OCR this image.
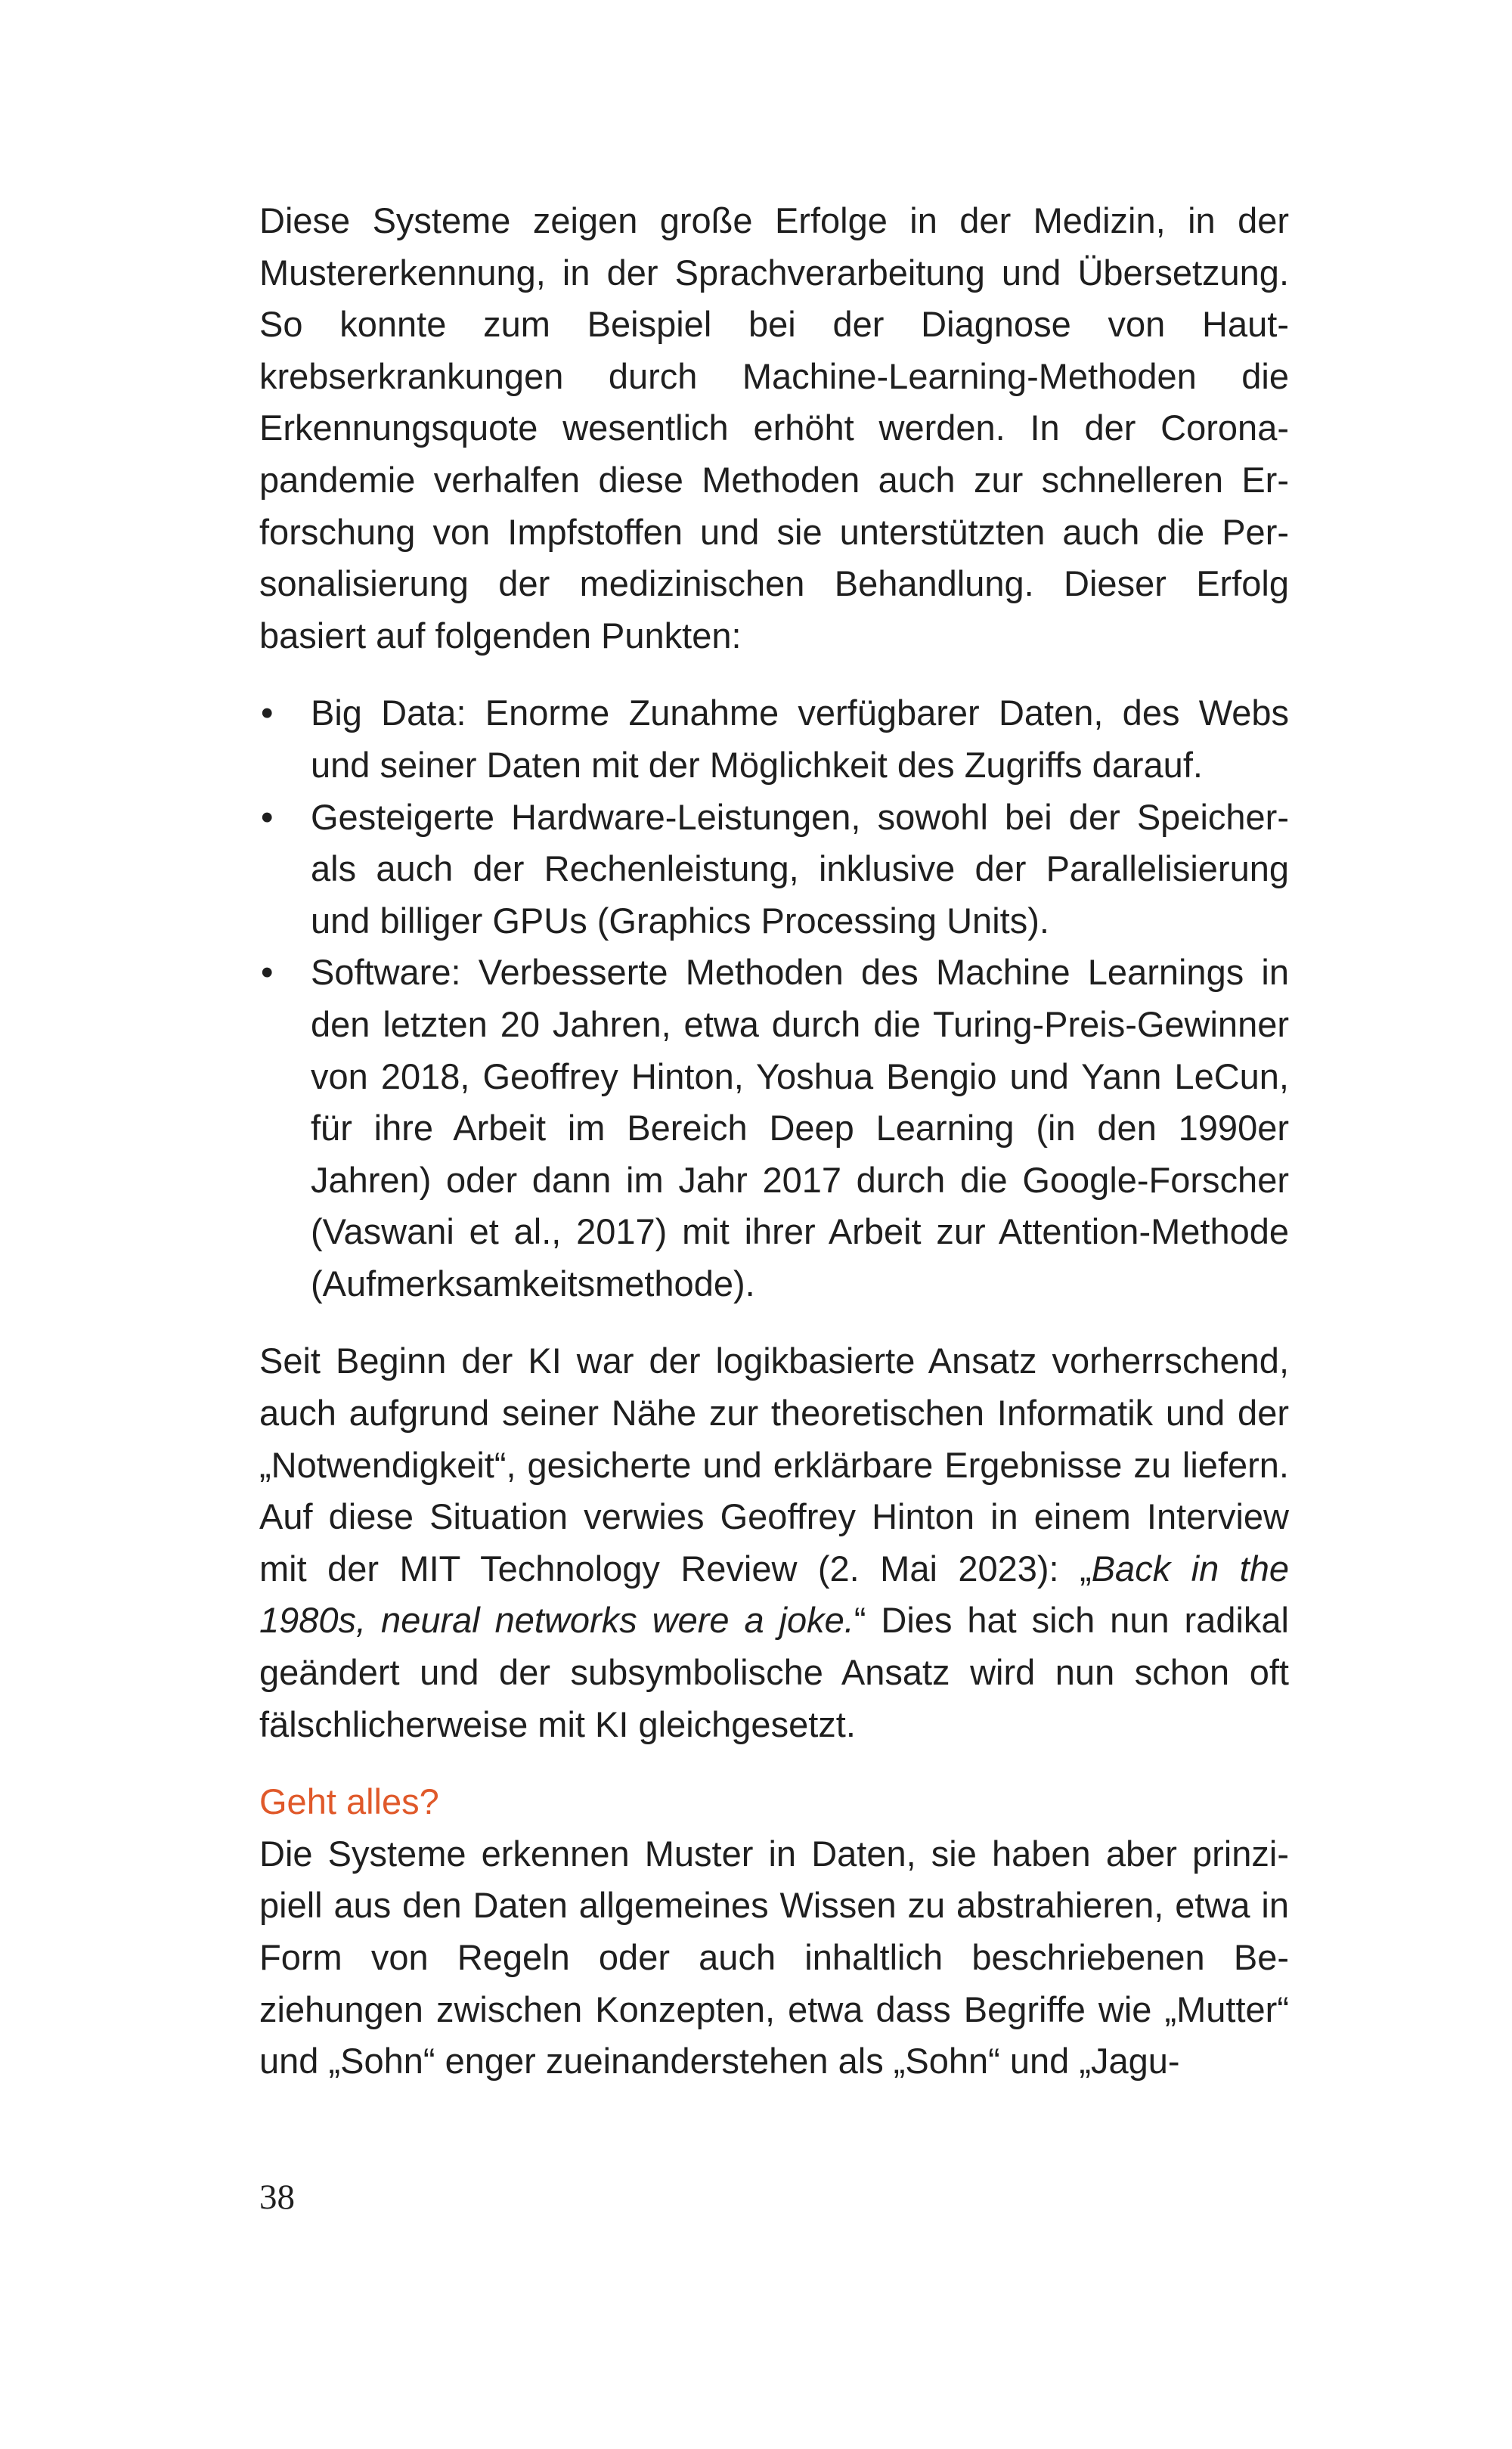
Diese Systeme zeigen große Erfolge in der Medizin, in der Mustererkennung, in der Sprachverarbeitung und Übersetzung. So konnte zum Beispiel bei der Diagnose von Hautkrebserkrankungen durch Machine-Learning-Methoden die Erkennungsquote wesentlich erhöht werden. In der Coronapandemie verhalfen diese Methoden auch zur schnelleren Erforschung von Impfstoffen und sie unterstützten auch die Personalisierung der medizinischen Behandlung. Dieser Erfolg basiert auf folgenden Punkten:

•	Big Data: Enorme Zunahme verfügbarer Daten, des Webs und seiner Daten mit der Möglichkeit des Zugriffs darauf.
•	Gesteigerte Hardware-Leistungen, sowohl bei der Speicher- als auch der Rechenleistung, inklusive der Parallelisierung und billiger GPUs (Graphics Processing Units).
•	Software: Verbesserte Methoden des Machine Learnings in den letzten 20 Jahren, etwa durch die Turing-Preis-Gewinner von 2018, Geoffrey Hinton, Yoshua Bengio und Yann LeCun, für ihre Arbeit im Bereich Deep Learning (in den 1990er Jahren) oder dann im Jahr 2017 durch die Google-Forscher (Vaswani et al., 2017) mit ihrer Arbeit zur Attention-Methode (Aufmerksamkeitsmethode).

Seit Beginn der KI war der logikbasierte Ansatz vorherrschend, auch aufgrund seiner Nähe zur theoretischen Informatik und der „Notwendigkeit“, gesicherte und erklärbare Ergebnisse zu liefern. Auf diese Situation verwies Geoffrey Hinton in einem Interview mit der MIT Technology Review (2. Mai 2023): „Back in the 1980s, neural networks were a joke.“ Dies hat sich nun radikal geändert und der subsymbolische Ansatz wird nun schon oft fälschlicherweise mit KI gleichgesetzt.

Geht alles?

Die Systeme erkennen Muster in Daten, sie haben aber prinzipiell aus den Daten allgemeines Wissen zu abstrahieren, etwa in Form von Regeln oder auch inhaltlich beschriebenen Beziehungen zwischen Konzepten, etwa dass Begriffe wie „Mutter“ und „Sohn“ enger zueinanderstehen als „Sohn“ und „Jagu-

38
